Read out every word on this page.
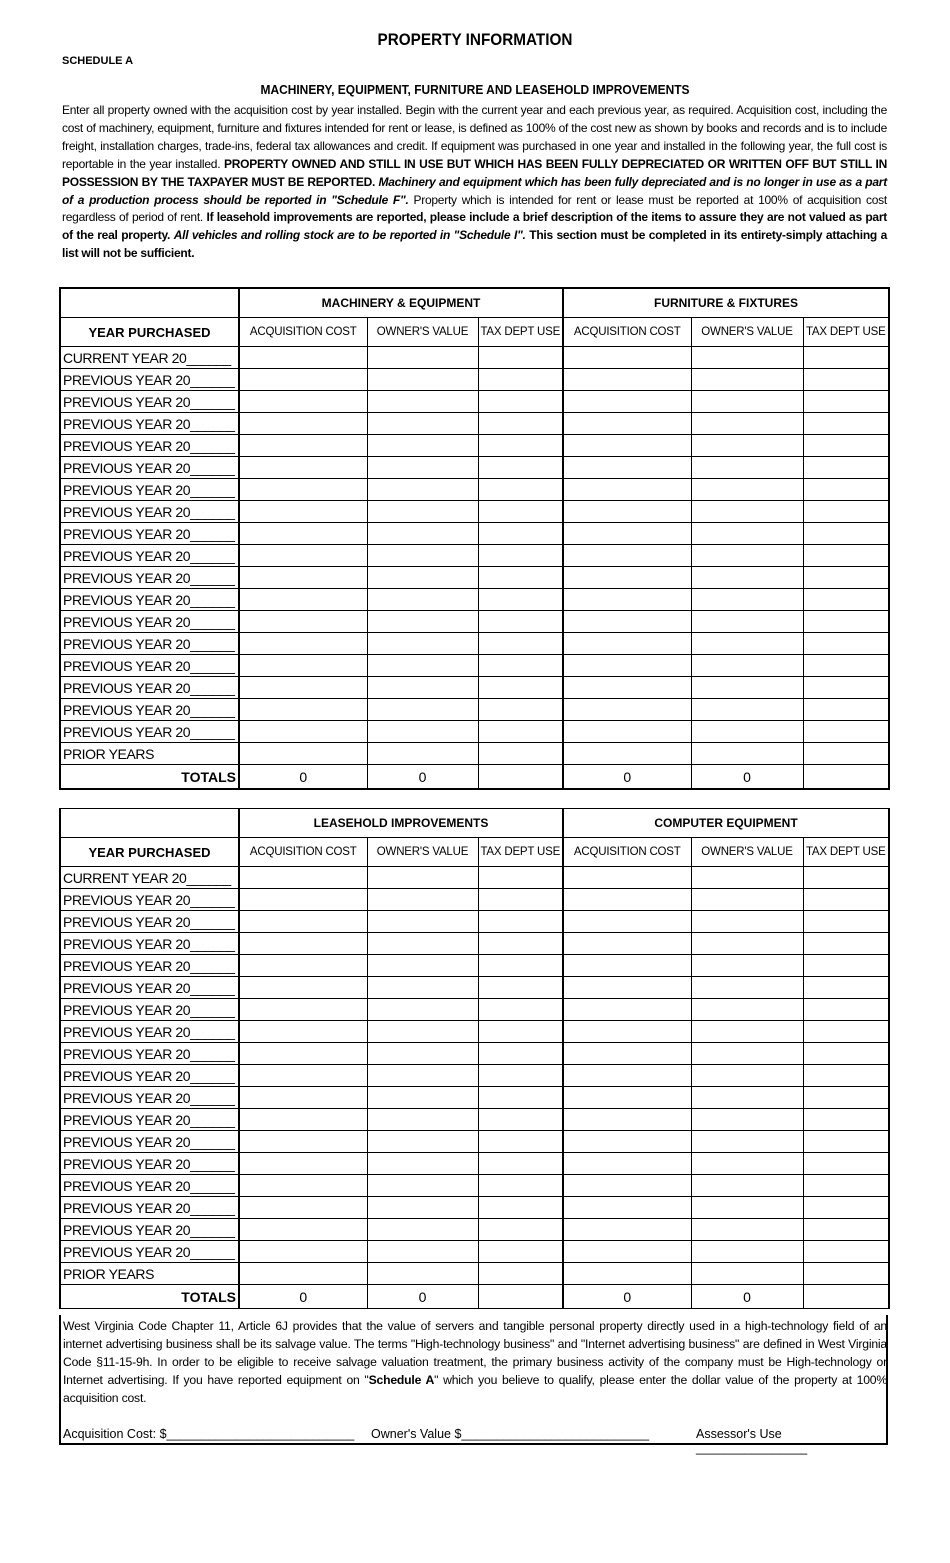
PROPERTY INFORMATION
SCHEDULE A
MACHINERY, EQUIPMENT, FURNITURE AND LEASEHOLD IMPROVEMENTS
Enter all property owned with the acquisition cost by year installed. Begin with the current year and each previous year, as required. Acquisition cost, including the cost of machinery, equipment, furniture and fixtures intended for rent or lease, is defined as 100% of the cost new as shown by books and records and is to include freight, installation charges, trade-ins, federal tax allowances and credit. If equipment was purchased in one year and installed in the following year, the full cost is reportable in the year installed. PROPERTY OWNED AND STILL IN USE BUT WHICH HAS BEEN FULLY DEPRECIATED OR WRITTEN OFF BUT STILL IN POSSESSION BY THE TAXPAYER MUST BE REPORTED. Machinery and equipment which has been fully depreciated and is no longer in use as a part of a production process should be reported in "Schedule F". Property which is intended for rent or lease must be reported at 100% of acquisition cost regardless of period of rent. If leasehold improvements are reported, please include a brief description of the items to assure they are not valued as part of the real property. All vehicles and rolling stock are to be reported in "Schedule I". This section must be completed in its entirety-simply attaching a list will not be sufficient.
	MACHINERY & EQUIPMENT			FURNITURE & FIXTURES		
YEAR PURCHASED	ACQUISITION COST	OWNER'S VALUE	TAX DEPT USE	ACQUISITION COST	OWNER'S VALUE	TAX DEPT USE
CURRENT YEAR 20______						
PREVIOUS YEAR 20______						
PREVIOUS YEAR 20______						
PREVIOUS YEAR 20______						
PREVIOUS YEAR 20______						
PREVIOUS YEAR 20______						
PREVIOUS YEAR 20______						
PREVIOUS YEAR 20______						
PREVIOUS YEAR 20______						
PREVIOUS YEAR 20______						
PREVIOUS YEAR 20______						
PREVIOUS YEAR 20______						
PREVIOUS YEAR 20______						
PREVIOUS YEAR 20______						
PREVIOUS YEAR 20______						
PREVIOUS YEAR 20______						
PREVIOUS YEAR 20______						
PREVIOUS YEAR 20______						
PRIOR YEARS						
TOTALS	0	0		0	0	
	LEASEHOLD IMPROVEMENTS			COMPUTER EQUIPMENT		
YEAR PURCHASED	ACQUISITION COST	OWNER'S VALUE	TAX DEPT USE	ACQUISITION COST	OWNER'S VALUE	TAX DEPT USE
CURRENT YEAR 20______						
PREVIOUS YEAR 20______						
PREVIOUS YEAR 20______						
PREVIOUS YEAR 20______						
PREVIOUS YEAR 20______						
PREVIOUS YEAR 20______						
PREVIOUS YEAR 20______						
PREVIOUS YEAR 20______						
PREVIOUS YEAR 20______						
PREVIOUS YEAR 20______						
PREVIOUS YEAR 20______						
PREVIOUS YEAR 20______						
PREVIOUS YEAR 20______						
PREVIOUS YEAR 20______						
PREVIOUS YEAR 20______						
PREVIOUS YEAR 20______						
PREVIOUS YEAR 20______						
PREVIOUS YEAR 20______						
PRIOR YEARS						
TOTALS	0	0		0	0	
West Virginia Code Chapter 11, Article 6J provides that the value of servers and tangible personal property directly used in a high-technology field of an internet advertising business shall be its salvage value. The terms "High-technology business" and "Internet advertising business" are defined in West Virginia Code §11-15-9h. In order to be eligible to receive salvage valuation treatment, the primary business activity of the company must be High-technology or Internet advertising. If you have reported equipment on "Schedule A" which you believe to qualify, please enter the dollar value of the property at 100% acquisition cost.
Acquisition Cost: $___________________________ Owner's Value $___________________________	Assessor's Use ________________
